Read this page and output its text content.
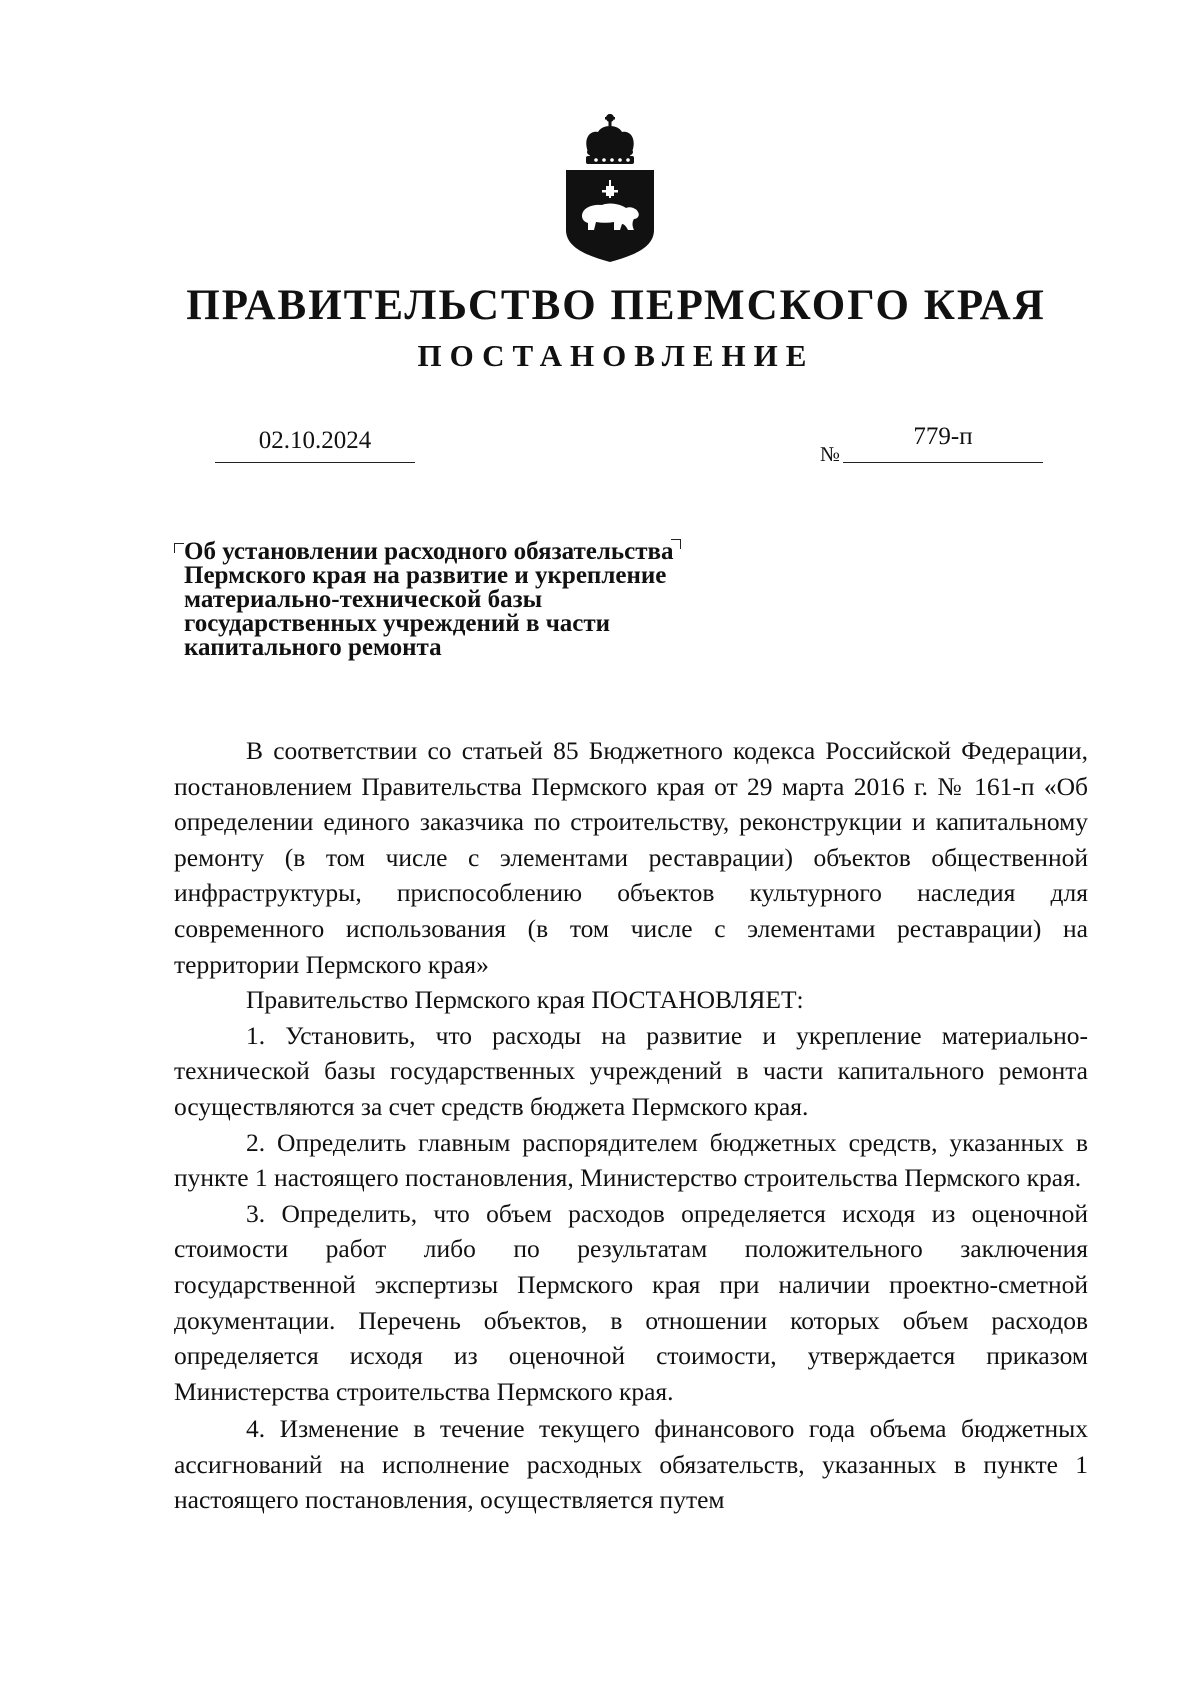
ПРАВИТЕЛЬСТВО ПЕРМСКОГО КРАЯ
ПОСТАНОВЛЕНИЕ
02.10.2024	№
779-п
Об установлении расходного обязательства
Пермского края на развитие и укрепление
материально-технической базы
государственных учреждений в части
капитального ремонта

В соответствии со статьей 85 Бюджетного кодекса Российской Федерации, постановлением Правительства Пермского края от 29 марта 2016 г. № 161-п «Об определении единого заказчика по строительству, реконструкции и капитальному ремонту (в том числе с элементами реставрации) объектов общественной инфраструктуры, приспособлению объектов культурного наследия для современного использования (в том числе с элементами реставрации) на территории Пермского края»

Правительство Пермского края ПОСТАНОВЛЯЕТ:

1. Установить, что расходы на развитие и укрепление материально-технической базы государственных учреждений в части капитального ремонта осуществляются за счет средств бюджета Пермского края.

2. Определить главным распорядителем бюджетных средств, указанных в пункте 1 настоящего постановления, Министерство строительства Пермского края.

3. Определить, что объем расходов определяется исходя из оценочной стоимости работ либо по результатам положительного заключения государственной экспертизы Пермского края при наличии проектно-сметной документации. Перечень объектов, в отношении которых объем расходов определяется исходя из оценочной стоимости, утверждается приказом Министерства строительства Пермского края.

4. Изменение в течение текущего финансового года объема бюджетных ассигнований на исполнение расходных обязательств, указанных в пункте 1 настоящего постановления, осуществляется путем
